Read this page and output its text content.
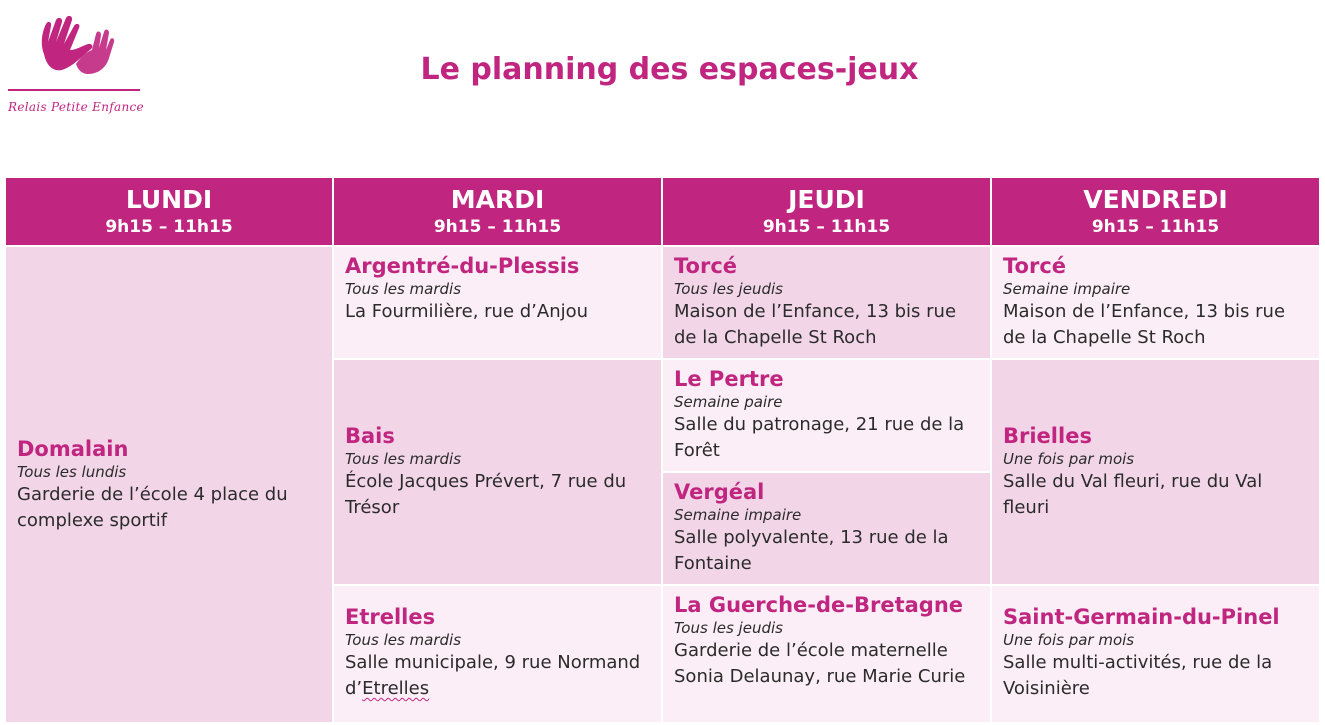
Relais Petite Enfance
Le planning des espaces-jeux
LUNDI
9h15 – 11h15
MARDI
9h15 – 11h15
JEUDI
9h15 – 11h15
VENDREDI
9h15 – 11h15
Domalain
Tous les lundis
Garderie de l’école 4 place du complexe sportif
Argentré-du-Plessis
Tous les mardis
La Fourmilière, rue d’Anjou
Bais
Tous les mardis
École Jacques Prévert, 7 rue du Trésor
Etrelles
Tous les mardis
Salle municipale, 9 rue Normand d’Etrelles
Torcé
Tous les jeudis
Maison de l’Enfance, 13 bis rue de la Chapelle St Roch
Le Pertre
Semaine paire
Salle du patronage, 21 rue de la Forêt
Vergéal
Semaine impaire
Salle polyvalente, 13 rue de la Fontaine
La Guerche-de-Bretagne
Tous les jeudis
Garderie de l’école maternelle Sonia Delaunay, rue Marie Curie
Torcé
Semaine impaire
Maison de l’Enfance, 13 bis rue de la Chapelle St Roch
Brielles
Une fois par mois
Salle du Val fleuri, rue du Val fleuri
Saint-Germain-du-Pinel
Une fois par mois
Salle multi-activités, rue de la Voisinière
